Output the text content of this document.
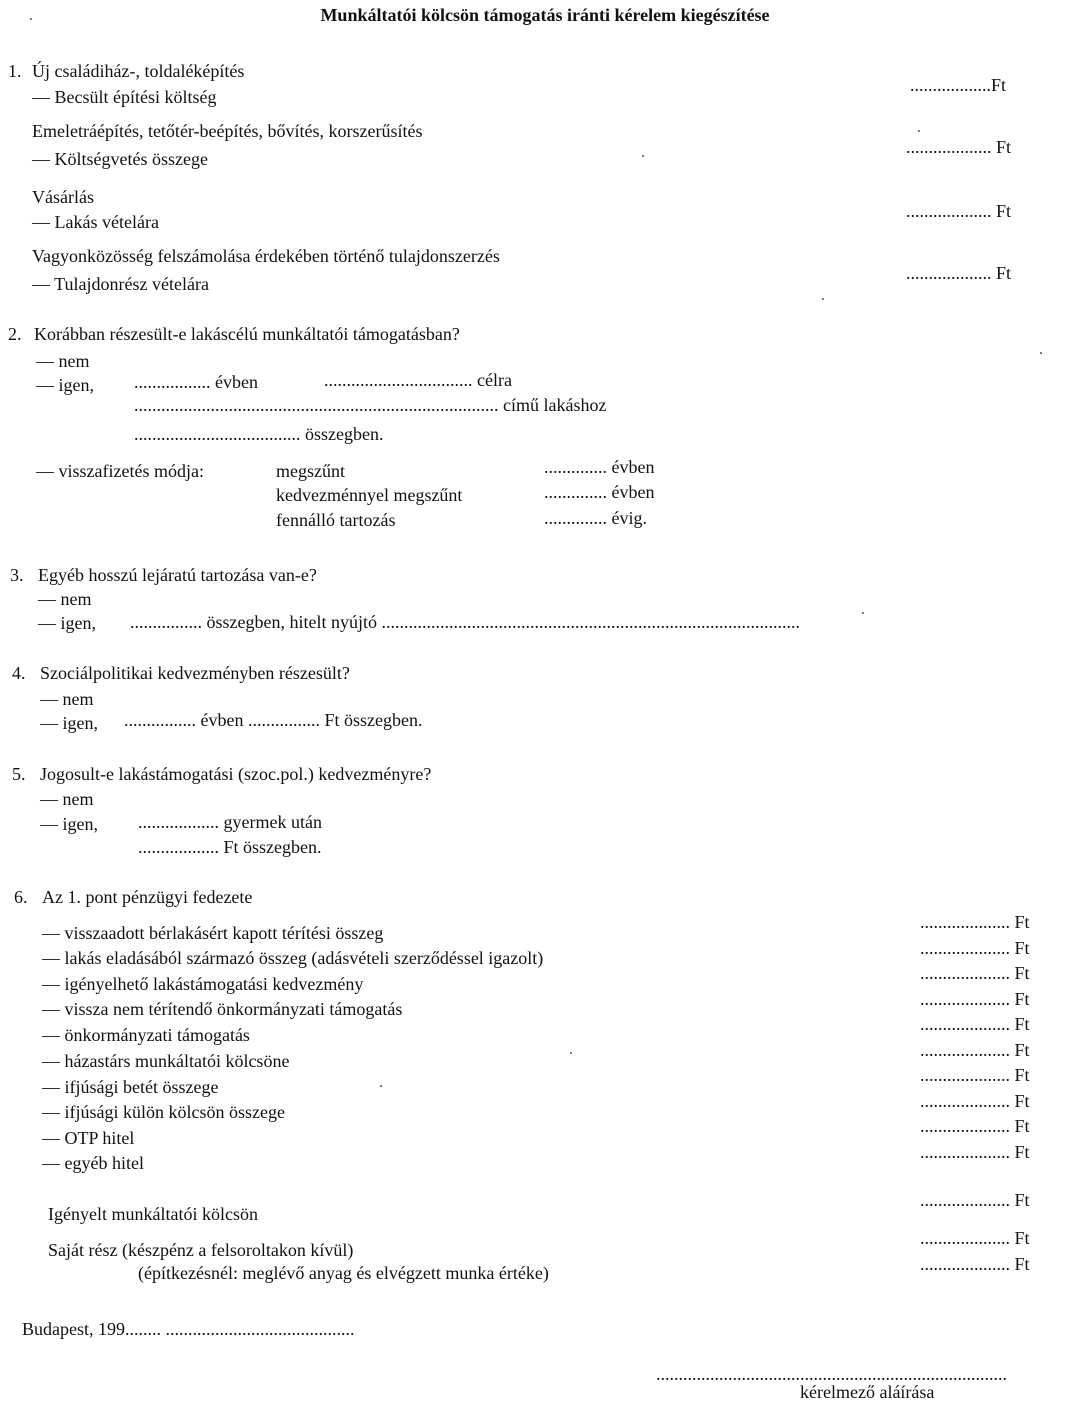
Munkáltatói kölcsön támogatás iránti kérelem kiegészítése
1. Új családiház-, toldaléképítés
— Becsült építési költség
..................Ft
Emeletráépítés, tetőtér-beépítés, bővítés, korszerűsítés
— Költségvetés összege
................... Ft
Vásárlás
— Lakás vételára
................... Ft
Vagyonközösség felszámolása érdekében történő tulajdonszerzés
— Tulajdonrész vételára
................... Ft
2. Korábban részesült-e lakáscélú munkáltatói támogatásban?
— nem
— igen, ................. évben	................................. célra
................................................................................. című lakáshoz
..................................... összegben.
— visszafizetés módja:	megszűnt
kedvezménnyel megszűnt
fennálló tartozás
.............. évben
.............. évben
.............. évig.
3. Egyéb hosszú lejáratú tartozása van-e?
— nem
— igen, ................ összegben, hitelt nyújtó .............................................................................................
4. Szociálpolitikai kedvezményben részesült?
— nem
— igen, ................ évben ................ Ft összegben.
5. Jogosult-e lakástámogatási (szoc.pol.) kedvezményre?
— nem
— igen, .................. gyermek után
.................. Ft összegben.
6. Az 1. pont pénzügyi fedezete
— visszaadott bérlakásért kapott térítési összeg
— lakás eladásából származó összeg (adásvételi szerződéssel igazolt)
— igényelhető lakástámogatási kedvezmény
— vissza nem térítendő önkormányzati támogatás
— önkormányzati támogatás
— házastárs munkáltatói kölcsöne
— ifjúsági betét összege
— ifjúsági külön kölcsön összege
— OTP hitel
— egyéb hitel
.................... Ft
.................... Ft
.................... Ft
.................... Ft
.................... Ft
.................... Ft
.................... Ft
.................... Ft
.................... Ft
.................... Ft
Igényelt munkáltatói kölcsön
.................... Ft
Saját rész (készpénz a felsoroltakon kívül)
(építkezésnél: meglévő anyag és elvégzett munka értéke)
.................... Ft
.................... Ft
Budapest, 199........ ..........................................
..............................................................................
kérelmező aláírása
